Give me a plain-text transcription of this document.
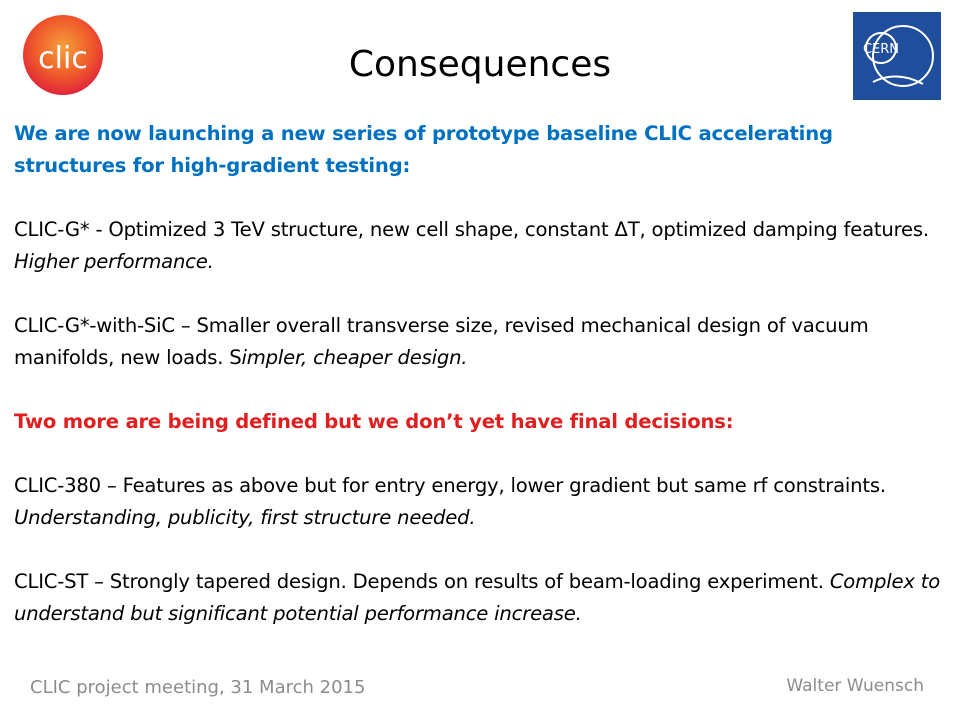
clic	CERN
Consequences

We are now launching a new series of prototype baseline CLIC accelerating structures for high-gradient testing:

CLIC-G* - Optimized 3 TeV structure, new cell shape, constant ΔT, optimized damping features. Higher performance.

CLIC-G*-with-SiC – Smaller overall transverse size, revised mechanical design of vacuum manifolds, new loads. Simpler, cheaper design.

Two more are being defined but we don’t yet have final decisions:

CLIC-380 – Features as above but for entry energy, lower gradient but same rf constraints. Understanding, publicity, first structure needed.

CLIC-ST – Strongly tapered design. Depends on results of beam-loading experiment. Complex to understand but significant potential performance increase.

CLIC project meeting, 31 March 2015	Walter Wuensch
